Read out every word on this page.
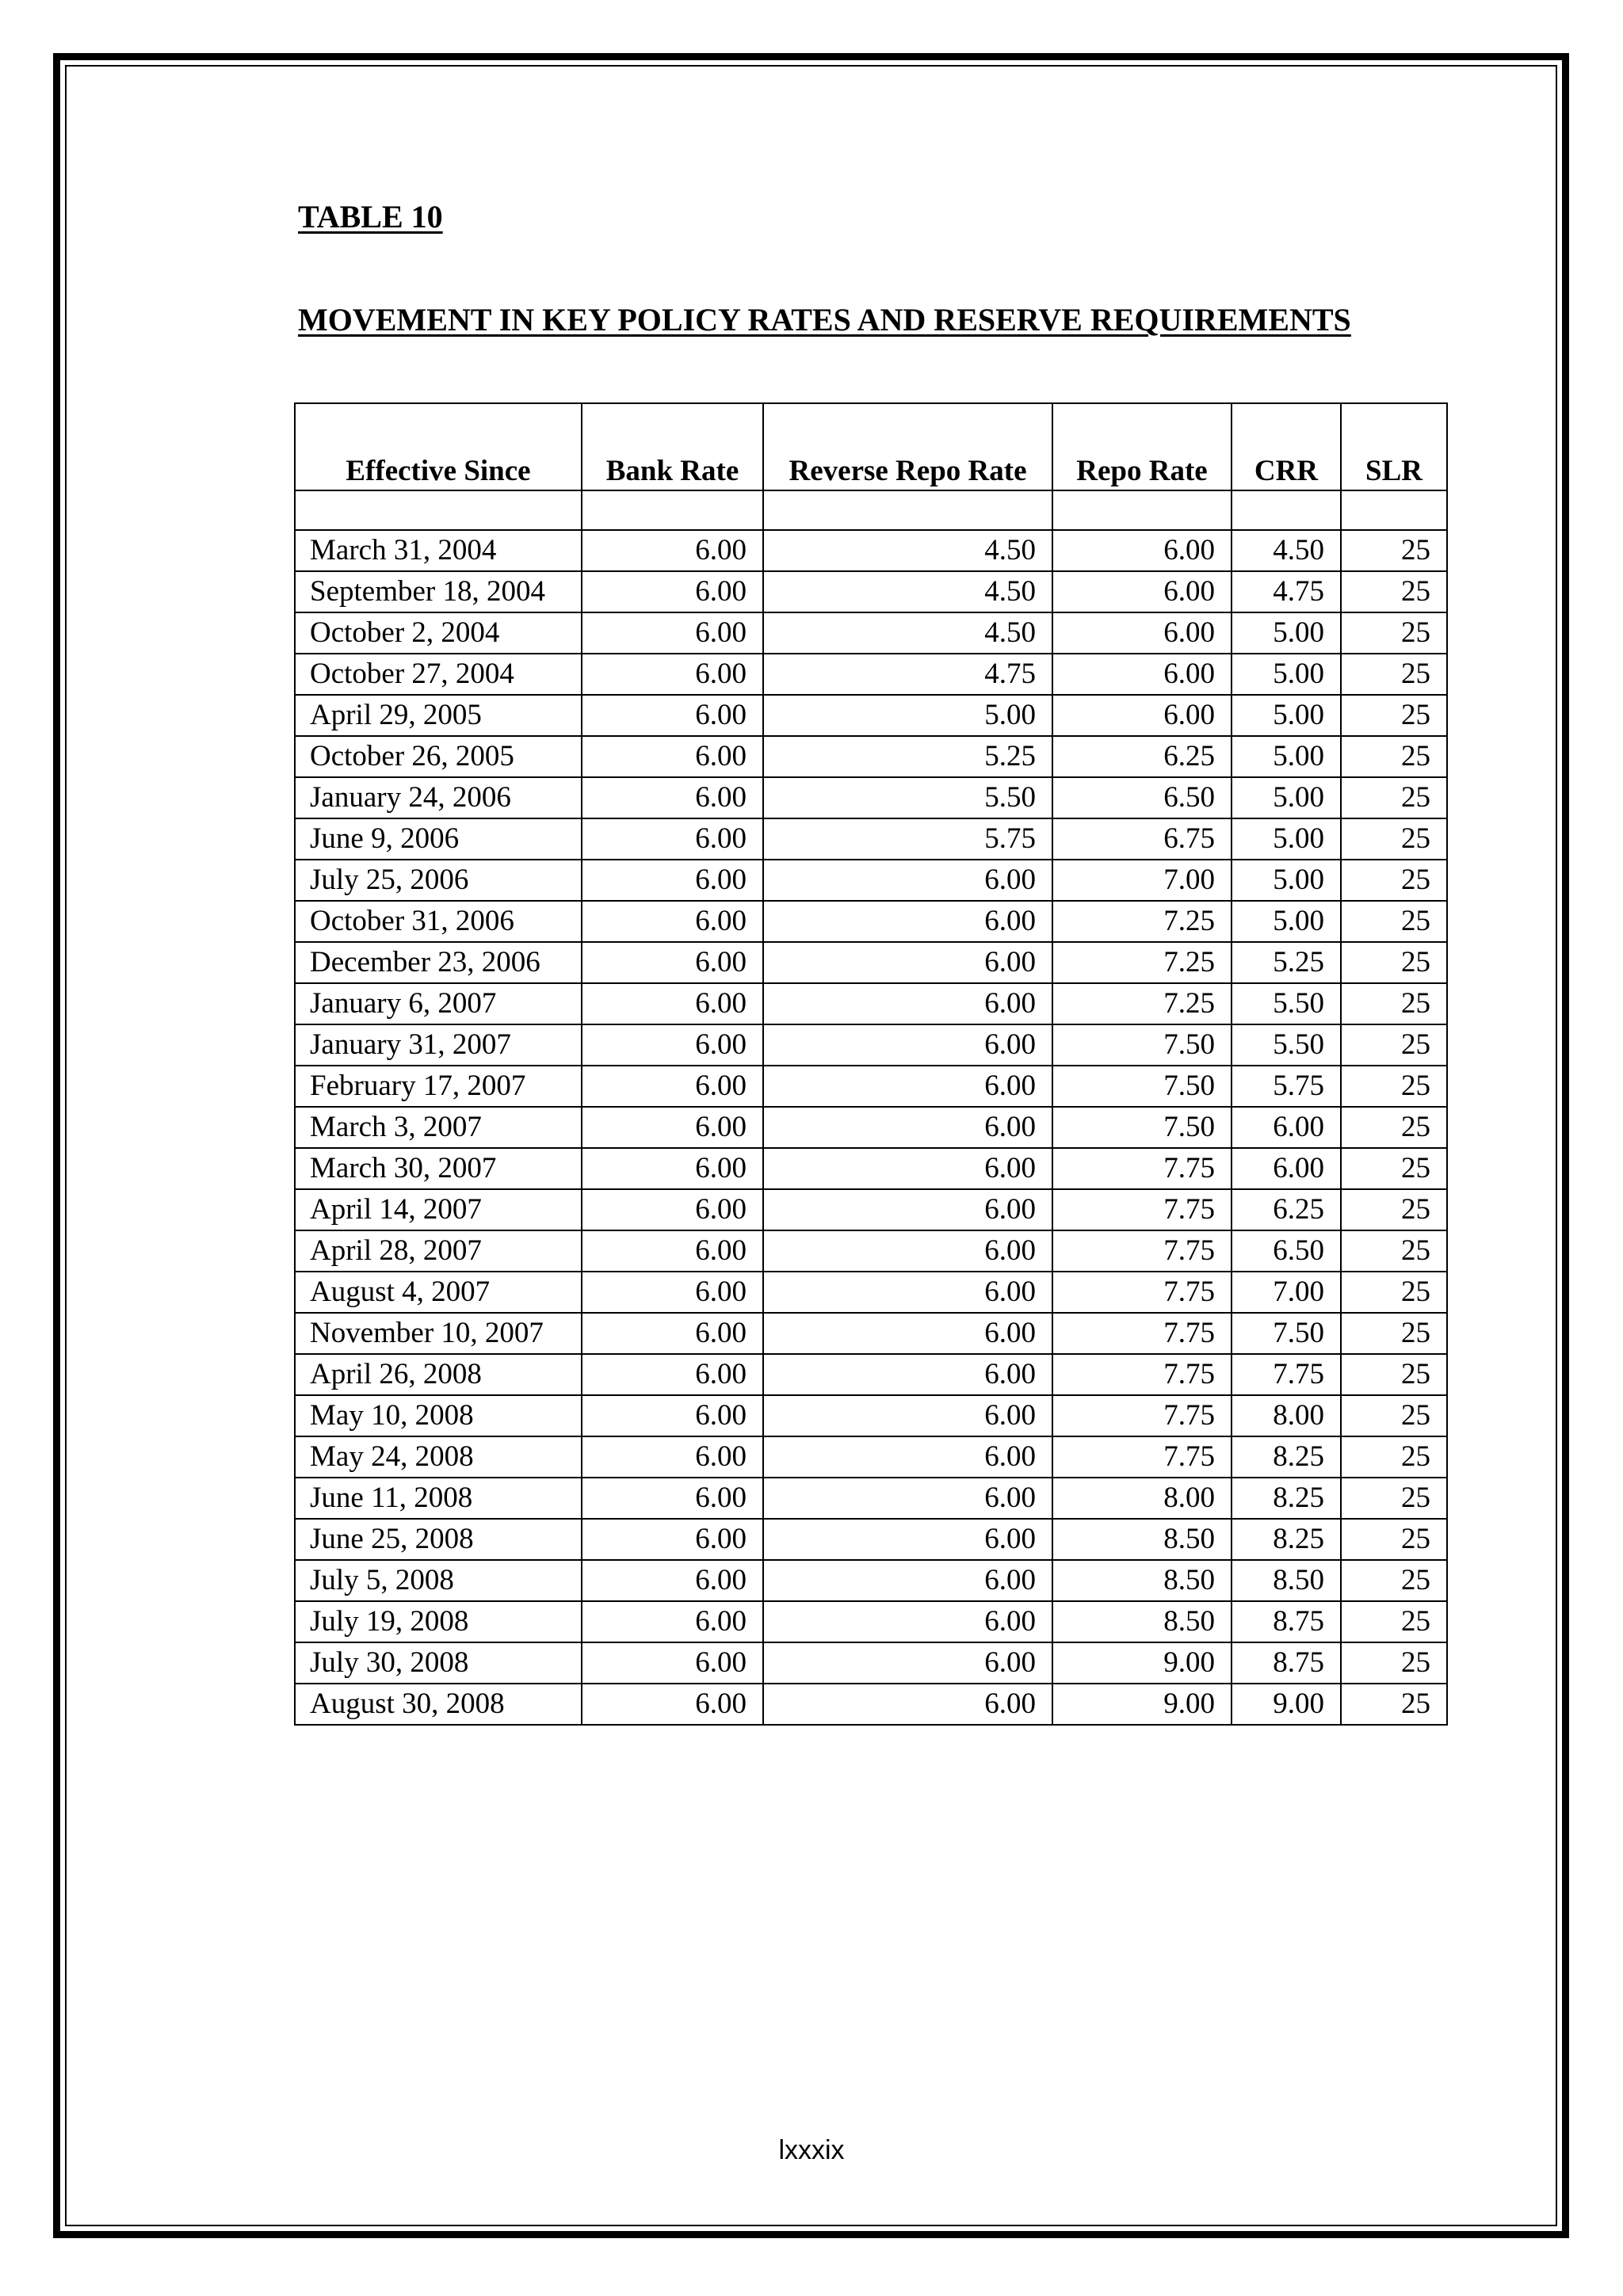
TABLE 10
MOVEMENT IN KEY POLICY RATES AND RESERVE REQUIREMENTS
Effective Since	Bank Rate	Reverse Repo Rate	Repo Rate	CRR	SLR

March 31, 2004	6.00	4.50	6.00	4.50	25
September 18, 2004	6.00	4.50	6.00	4.75	25
October 2, 2004	6.00	4.50	6.00	5.00	25
October 27, 2004	6.00	4.75	6.00	5.00	25
April 29, 2005	6.00	5.00	6.00	5.00	25
October 26, 2005	6.00	5.25	6.25	5.00	25
January 24, 2006	6.00	5.50	6.50	5.00	25
June 9, 2006	6.00	5.75	6.75	5.00	25
July 25, 2006	6.00	6.00	7.00	5.00	25
October 31, 2006	6.00	6.00	7.25	5.00	25
December 23, 2006	6.00	6.00	7.25	5.25	25
January 6, 2007	6.00	6.00	7.25	5.50	25
January 31, 2007	6.00	6.00	7.50	5.50	25
February 17, 2007	6.00	6.00	7.50	5.75	25
March 3, 2007	6.00	6.00	7.50	6.00	25
March 30, 2007	6.00	6.00	7.75	6.00	25
April 14, 2007	6.00	6.00	7.75	6.25	25
April 28, 2007	6.00	6.00	7.75	6.50	25
August 4, 2007	6.00	6.00	7.75	7.00	25
November 10, 2007	6.00	6.00	7.75	7.50	25
April 26, 2008	6.00	6.00	7.75	7.75	25
May 10, 2008	6.00	6.00	7.75	8.00	25
May 24, 2008	6.00	6.00	7.75	8.25	25
June 11, 2008	6.00	6.00	8.00	8.25	25
June 25, 2008	6.00	6.00	8.50	8.25	25
July 5, 2008	6.00	6.00	8.50	8.50	25
July 19, 2008	6.00	6.00	8.50	8.75	25
July 30, 2008	6.00	6.00	9.00	8.75	25
August 30, 2008	6.00	6.00	9.00	9.00	25
lxxxix
